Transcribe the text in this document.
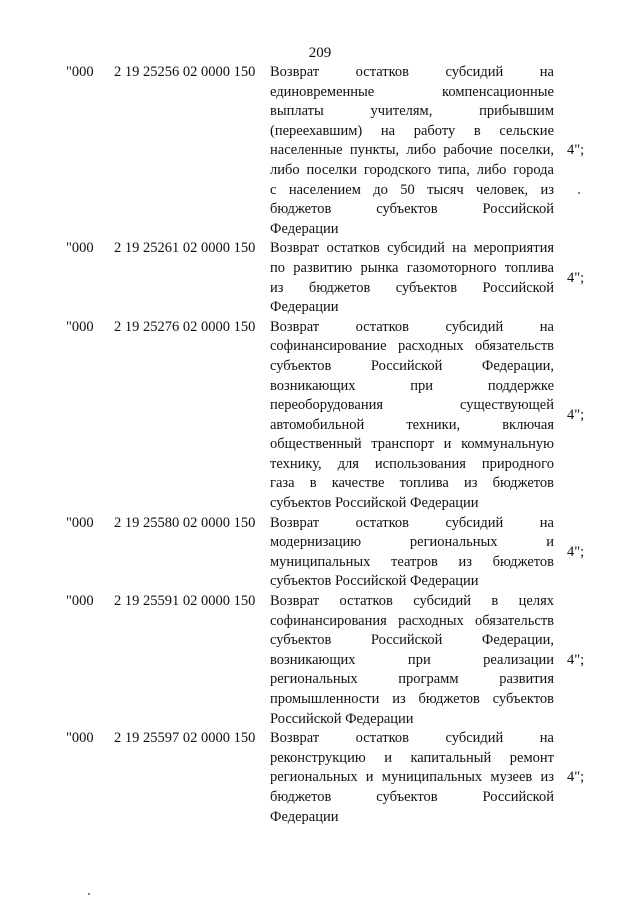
209
"000 2 19 25256 02 0000 150 Возврат остатков субсидий на
единовременные компенсационные
выплаты учителям, прибывшим
(переехавшим) на работу в сельские
населенные пункты, либо рабочие поселки,
либо поселки городского типа, либо города
с населением до 50 тысяч человек, из
бюджетов субъектов Российской
Федерации
4";
"000 2 19 25261 02 0000 150 Возврат остатков субсидий на мероприятия
по развитию рынка газомоторного топлива
из бюджетов субъектов Российской
Федерации
4";
"000 2 19 25276 02 0000 150 Возврат остатков субсидий на
софинансирование расходных обязательств
субъектов Российской Федерации,
возникающих при поддержке
переоборудования существующей
автомобильной техники, включая
общественный транспорт и коммунальную
технику, для использования природного
газа в качестве топлива из бюджетов
субъектов Российской Федерации
4";
"000 2 19 25580 02 0000 150 Возврат остатков субсидий на
модернизацию региональных и
муниципальных театров из бюджетов
субъектов Российской Федерации
4";
"000 2 19 25591 02 0000 150 Возврат остатков субсидий в целях
софинансирования расходных обязательств
субъектов Российской Федерации,
возникающих при реализации
региональных программ развития
промышленности из бюджетов субъектов
Российской Федерации
4";
"000 2 19 25597 02 0000 150 Возврат остатков субсидий на
реконструкцию и капитальный ремонт
региональных и муниципальных музеев из
бюджетов субъектов Российской
Федерации
4";
